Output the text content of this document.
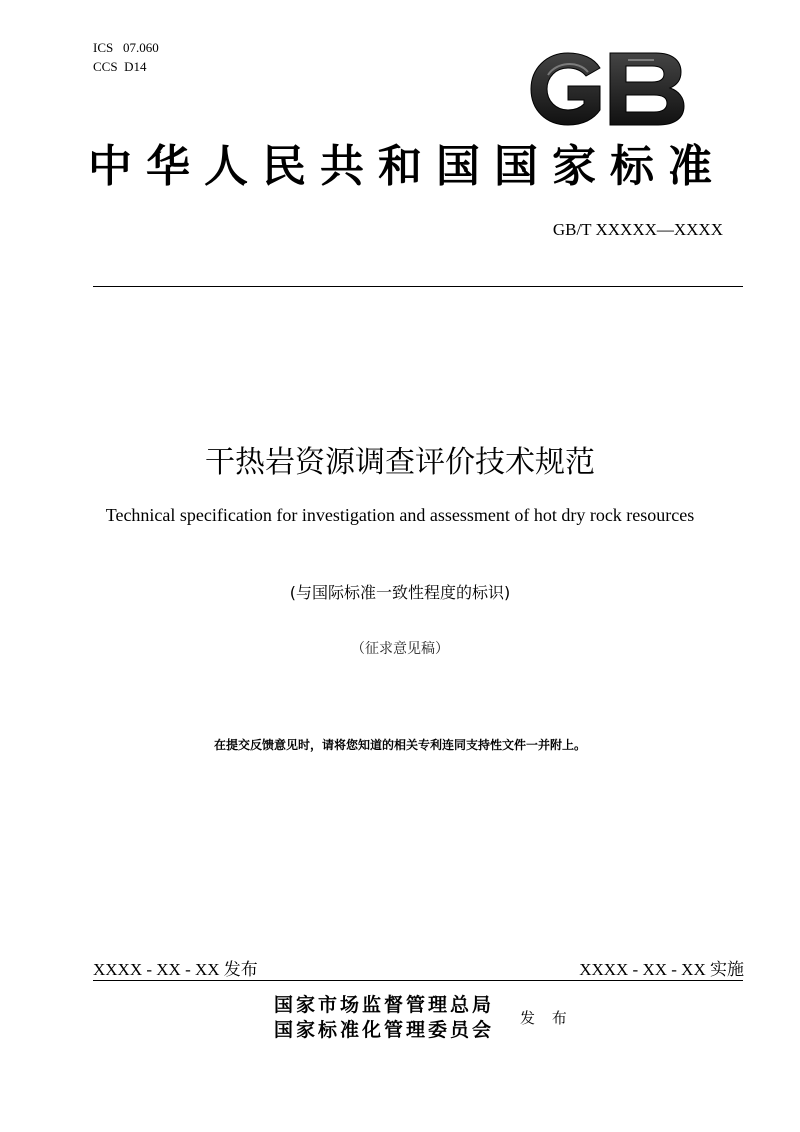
ICS   07.060
CCS  D14
中华人民共和国国家标准
GB/T XXXXX—XXXX
干热岩资源调查评价技术规范
Technical specification for investigation and assessment of hot dry rock resources
(与国际标准一致性程度的标识)
（征求意见稿）
在提交反馈意见时，请将您知道的相关专利连同支持性文件一并附上。
XXXX - XX - XX 发布	XXXX - XX - XX 实施
国家市场监督管理总局
国家标准化管理委员会
发 布
